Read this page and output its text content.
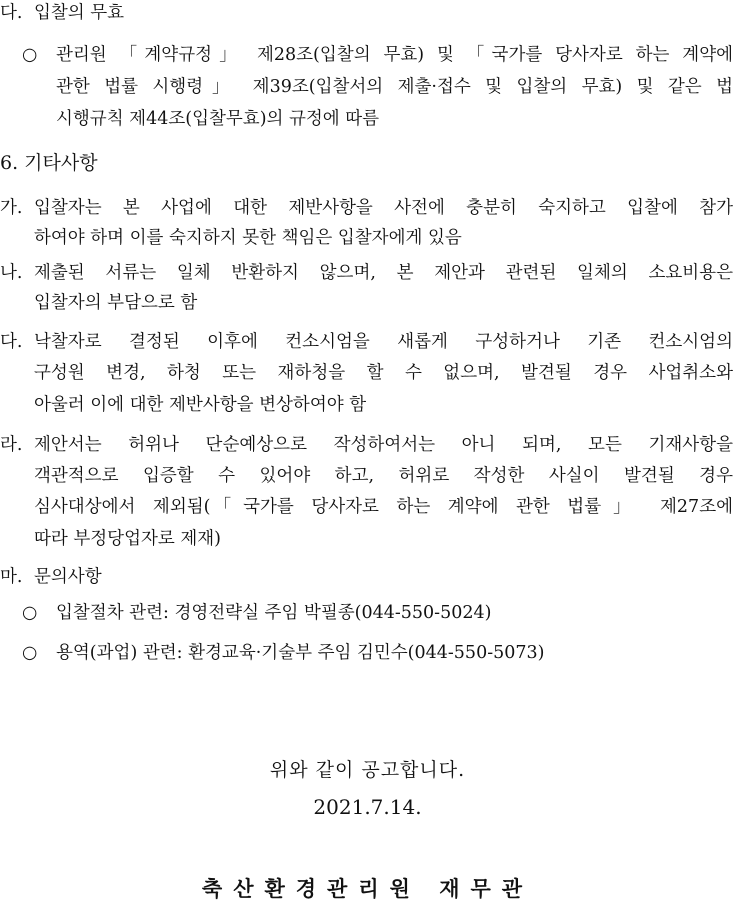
다. 입찰의 무효
○ 관리원 「계약규정」 제28조(입찰의 무효) 및 「국가를 당사자로 하는 계약에
관한 법률 시행령」 제39조(입찰서의 제출·접수 및 입찰의 무효) 및 같은 법
시행규칙 제44조(입찰무효)의 규정에 따름
6. 기타사항
가. 입찰자는 본 사업에 대한 제반사항을 사전에 충분히 숙지하고 입찰에 참가
하여야 하며 이를 숙지하지 못한 책임은 입찰자에게 있음
나. 제출된 서류는 일체 반환하지 않으며, 본 제안과 관련된 일체의 소요비용은
입찰자의 부담으로 함
다. 낙찰자로 결정된 이후에 컨소시엄을 새롭게 구성하거나 기존 컨소시엄의
구성원 변경, 하청 또는 재하청을 할 수 없으며, 발견될 경우 사업취소와
아울러 이에 대한 제반사항을 변상하여야 함
라. 제안서는 허위나 단순예상으로 작성하여서는 아니 되며, 모든 기재사항을
객관적으로 입증할 수 있어야 하고, 허위로 작성한 사실이 발견될 경우
심사대상에서 제외됨(「국가를 당사자로 하는 계약에 관한 법률」 제27조에
따라 부정당업자로 제재)
마. 문의사항
○ 입찰절차 관련: 경영전략실 주임 박필종(044-550-5024)
○ 용역(과업) 관련: 환경교육·기술부 주임 김민수(044-550-5073)
위와 같이 공고합니다.
2021.7.14.
축산환경관리원 재무관
